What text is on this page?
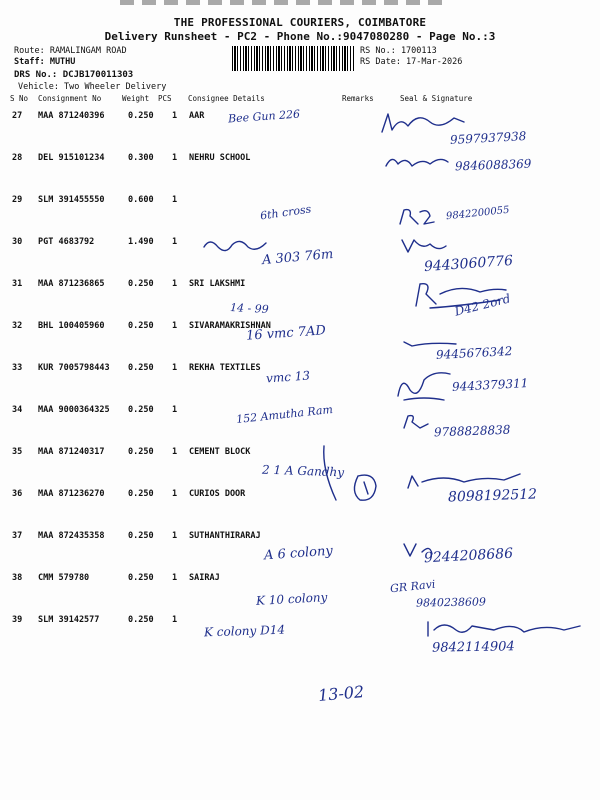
THE PROFESSIONAL COURIERS, COIMBATORE
Delivery Runsheet - PC2 - Phone No.:9047080280 - Page No.:3
Route: RAMALINGAM ROAD
Staff: MUTHU
DRS No.: DCJB170011303
Vehicle: Two Wheeler Delivery
RS No.: 1700113
RS Date: 17-Mar-2026
S No Consignment No	Weight PCS Consignee Details	Remarks	Seal & Signature
27 MAA 871240396	0.250 1 AAR
28 DEL 915101234	0.300 1 NEHRU SCHOOL
29 SLM 391455550	0.600 1
30 PGT 4683792	1.490 1
31 MAA 871236865	0.250 1 SRI LAKSHMI
32 BHL 100405960	0.250 1 SIVARAMAKRISHNAN
33 KUR 7005798443 0.250 1 REKHA TEXTILES
34 MAA 9000364325 0.250 1
35 MAA 871240317	0.250 1 CEMENT BLOCK
36 MAA 871236270	0.250 1 CURIOS DOOR
37 MAA 872435358	0.250 1 SUTHANTHIRARAJ
38 CMM 579780	0.250 1 SAIRAJ
39 SLM 39142577	0.250 1
Bee Gun 226
9597937938
9846088369
6th cross	9842200055
A 303 76m	9443060776
14 - 99
16 vmc 7AD
D42 2ord
vmc 13
9445676342
152 Amutha Ram
9443379311
9788828838
2 1 A Gandhy
8098192512
A 6 colony	9244208686
K 10 colony
GR Ravi
9840238609
K colony D14
9842114904
13-02
